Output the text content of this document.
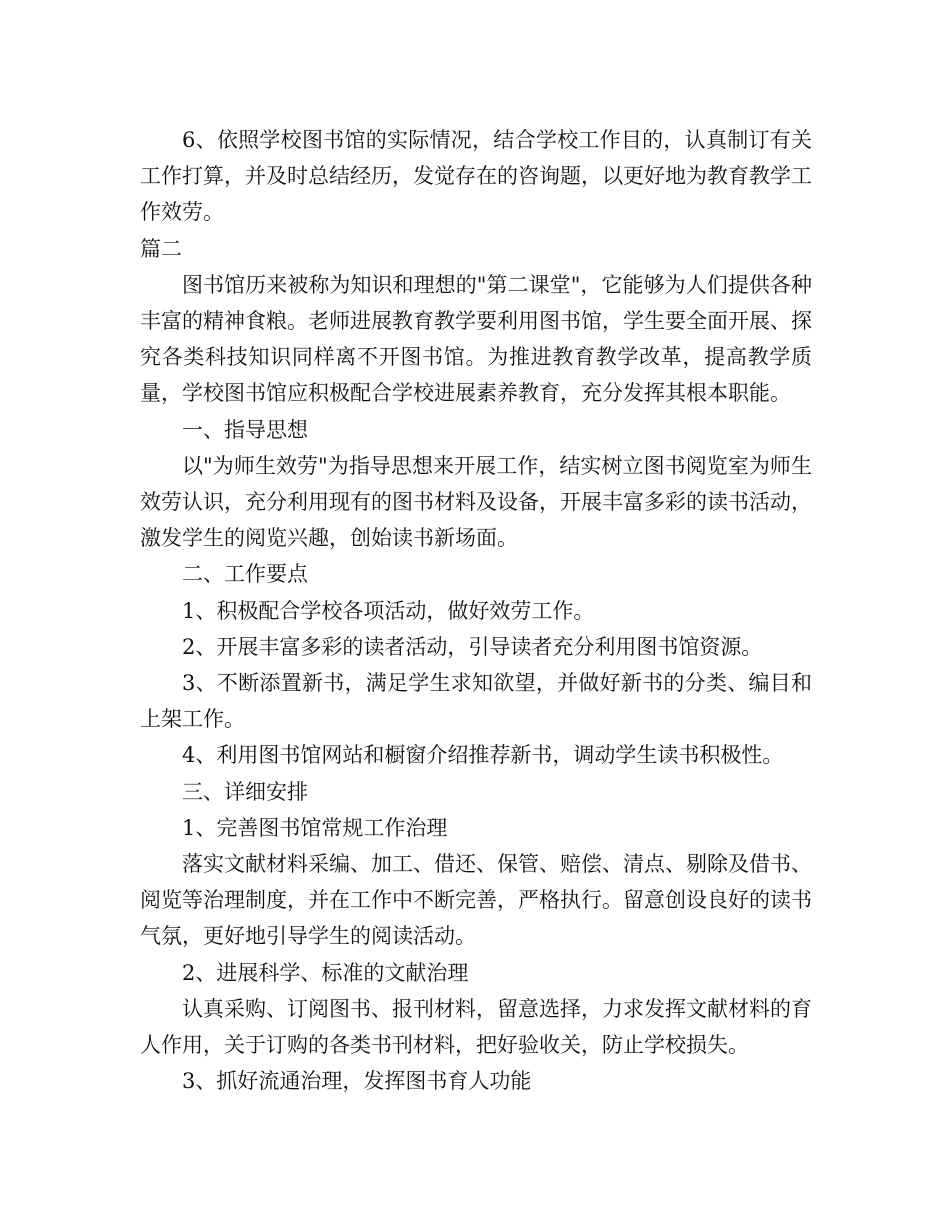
6、依照学校图书馆的实际情况，结合学校工作目的，认真制订有关工作打算，并及时总结经历，发觉存在的咨询题，以更好地为教育教学工作效劳。

篇二

图书馆历来被称为知识和理想的"第二课堂"，它能够为人们提供各种丰富的精神食粮。老师进展教育教学要利用图书馆，学生要全面开展、探究各类科技知识同样离不开图书馆。为推进教育教学改革，提高教学质量，学校图书馆应积极配合学校进展素养教育，充分发挥其根本职能。

一、指导思想

以"为师生效劳"为指导思想来开展工作，结实树立图书阅览室为师生效劳认识，充分利用现有的图书材料及设备，开展丰富多彩的读书活动，激发学生的阅览兴趣，创始读书新场面。

二、工作要点

1、积极配合学校各项活动，做好效劳工作。

2、开展丰富多彩的读者活动，引导读者充分利用图书馆资源。

3、不断添置新书，满足学生求知欲望，并做好新书的分类、编目和上架工作。

4、利用图书馆网站和橱窗介绍推荐新书，调动学生读书积极性。

三、详细安排

1、完善图书馆常规工作治理

落实文献材料采编、加工、借还、保管、赔偿、清点、剔除及借书、阅览等治理制度，并在工作中不断完善，严格执行。留意创设良好的读书气氛，更好地引导学生的阅读活动。

2、进展科学、标准的文献治理

认真采购、订阅图书、报刊材料，留意选择，力求发挥文献材料的育人作用，关于订购的各类书刊材料，把好验收关，防止学校损失。

3、抓好流通治理，发挥图书育人功能
